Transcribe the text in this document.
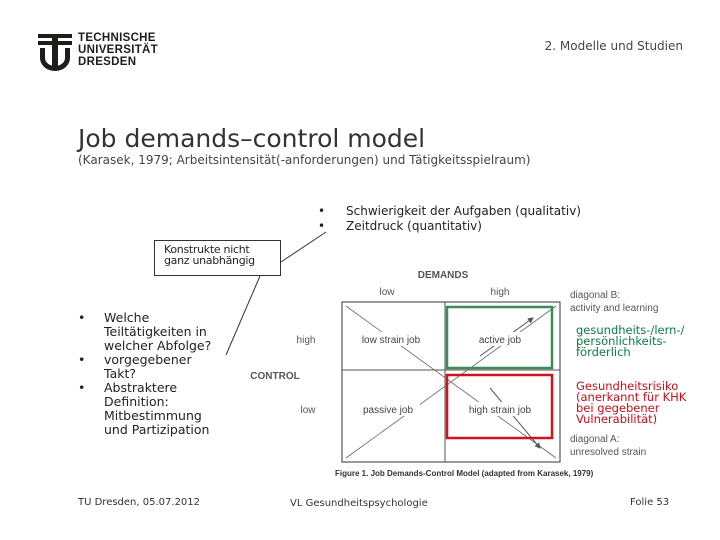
TECHNISCHE
UNIVERSITÄT
DRESDEN
2. Modelle und Studien
Job demands–control model
(Karasek, 1979; Arbeitsintensität(-anforderungen) und Tätigkeitsspielraum)
• Schwierigkeit der Aufgaben (qualitativ)
• Zeitdruck (quantitativ)
Konstrukte nicht
ganz unabhängig
• Welche
Teiltätigkeiten in
welcher Abfolge?
• vorgegebener
Takt?
• Abstraktere
Definition:
Mitbestimmung
und Partizipation
DEMANDS
low	high
high
CONTROL
low
low strain job	active job
passive job	high strain job
diagonal B:
activity and learning
diagonal A:
unresolved strain
Figure 1. Job Demands-Control Model (adapted from Karasek, 1979)
gesundheits-/lern-/
persönlichkeits-
förderlich
Gesundheitsrisiko
(anerkannt für KHK
bei gegebener
Vulnerabilität)
TU Dresden, 05.07.2012	VL Gesundheitspsychologie	Folie 53
